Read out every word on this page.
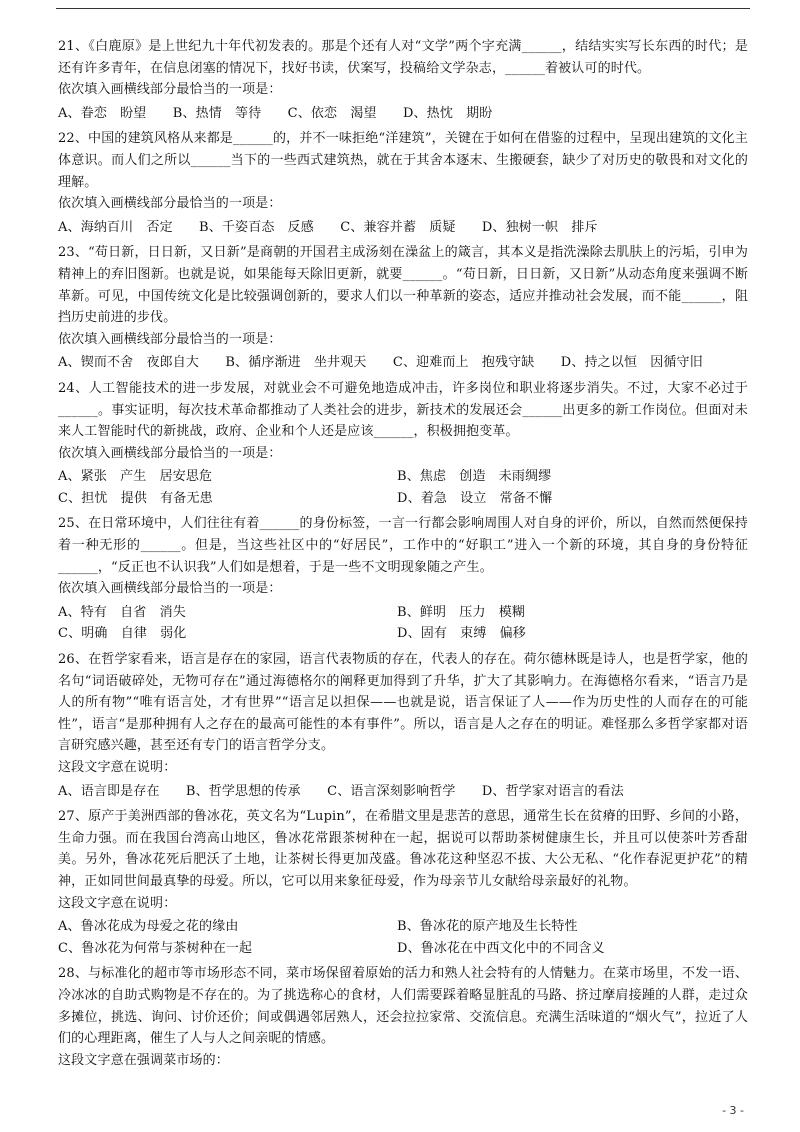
21、《白鹿原》是上世纪九十年代初发表的。那是个还有人对“文学”两个字充满______，结结实实写长东西的时代；是还有许多青年，在信息闭塞的情况下，找好书读，伏案写，投稿给文学杂志，______着被认可的时代。

依次填入画横线部分最恰当的一项是：

A、眷恋　盼望 B、热情　等待 C、依恋　渴望 D、热忱　期盼

22、中国的建筑风格从来都是______的，并不一味拒绝“洋建筑”，关键在于如何在借鉴的过程中，呈现出建筑的文化主体意识。而人们之所以______当下的一些西式建筑热，就在于其舍本逐末、生搬硬套，缺少了对历史的敬畏和对文化的理解。

依次填入画横线部分最恰当的一项是：

A、海纳百川　否定 B、千姿百态　反感 C、兼容并蓄　质疑 D、独树一帜　排斥

23、“苟日新，日日新，又日新”是商朝的开国君主成汤刻在澡盆上的箴言，其本义是指洗澡除去肌肤上的污垢，引申为精神上的弃旧图新。也就是说，如果能每天除旧更新，就要______。“苟日新，日日新，又日新”从动态角度来强调不断革新。可见，中国传统文化是比较强调创新的，要求人们以一种革新的姿态，适应并推动社会发展，而不能______，阻挡历史前进的步伐。

依次填入画横线部分最恰当的一项是：

A、锲而不舍　夜郎自大 B、循序渐进　坐井观天 C、迎难而上　抱残守缺 D、持之以恒　因循守旧

24、人工智能技术的进一步发展，对就业会不可避免地造成冲击，许多岗位和职业将逐步消失。不过，大家不必过于______。事实证明，每次技术革命都推动了人类社会的进步，新技术的发展还会______出更多的新工作岗位。但面对未来人工智能时代的新挑战，政府、企业和个人还是应该______，积极拥抱变革。

依次填入画横线部分最恰当的一项是：

A、紧张　产生　居安思危	B、焦虑　创造　未雨绸缪
C、担忧　提供　有备无患	D、着急　设立　常备不懈

25、在日常环境中，人们往往有着______的身份标签，一言一行都会影响周围人对自身的评价，所以，自然而然便保持着一种无形的______。但是，当这些社区中的“好居民”，工作中的“好职工”进入一个新的环境，其自身的身份特征______，“反正也不认识我”人们如是想着，于是一些不文明现象随之产生。

依次填入画横线部分最恰当的一项是：

A、特有　自省　消失	B、鲜明　压力　模糊
C、明确　自律　弱化	D、固有　束缚　偏移

26、在哲学家看来，语言是存在的家园，语言代表物质的存在，代表人的存在。荷尔德林既是诗人，也是哲学家，他的名句“词语破碎处，无物可存在”通过海德格尔的阐释更加得到了升华，扩大了其影响力。在海德格尔看来，“语言乃是人的所有物”“唯有语言处，才有世界”“语言足以担保——也就是说，语言保证了人——作为历史性的人而存在的可能性”，语言“是那种拥有人之存在的最高可能性的本有事件”。所以，语言是人之存在的明证。难怪那么多哲学家都对语言研究感兴趣，甚至还有专门的语言哲学分支。

这段文字意在说明：

A、语言即是存在 B、哲学思想的传承 C、语言深刻影响哲学 D、哲学家对语言的看法

27、原产于美洲西部的鲁冰花，英文名为“Lupin”，在希腊文里是悲苦的意思，通常生长在贫瘠的田野、乡间的小路，生命力强。而在我国台湾高山地区，鲁冰花常跟茶树种在一起，据说可以帮助茶树健康生长，并且可以使茶叶芳香甜美。另外，鲁冰花死后肥沃了土地，让茶树长得更加茂盛。鲁冰花这种坚忍不拔、大公无私、“化作春泥更护花”的精神，正如同世间最真挚的母爱。所以，它可以用来象征母爱，作为母亲节儿女献给母亲最好的礼物。

这段文字意在说明：

A、鲁冰花成为母爱之花的缘由	B、鲁冰花的原产地及生长特性
C、鲁冰花为何常与茶树种在一起	D、鲁冰花在中西文化中的不同含义

28、与标准化的超市等市场形态不同，菜市场保留着原始的活力和熟人社会特有的人情魅力。在菜市场里，不发一语、冷冰冰的自助式购物是不存在的。为了挑选称心的食材，人们需要踩着略显脏乱的马路、挤过摩肩接踵的人群，走过众多摊位，挑选、询问、讨价还价；间或偶遇邻居熟人，还会拉拉家常、交流信息。充满生活味道的“烟火气”，拉近了人们的心理距离，催生了人与人之间亲昵的情感。

这段文字意在强调菜市场的：

- 3 -
